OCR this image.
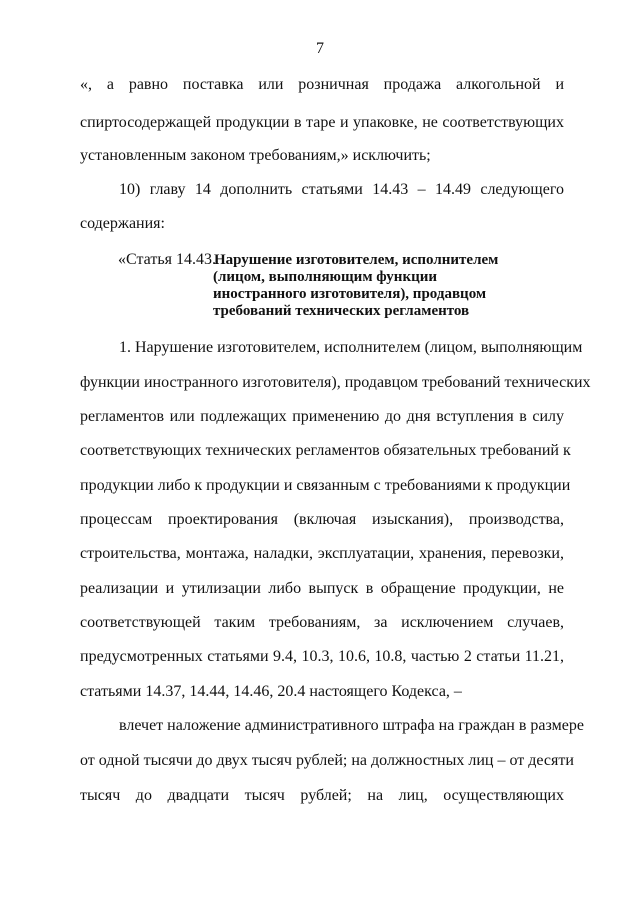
7
«, а равно поставка или розничная продажа алкогольной и
спиртосодержащей продукции в таре и упаковке, не соответствующих
установленным законом требованиям,» исключить;
10) главу 14 дополнить статьями 14.43 – 14.49 следующего
содержания:
«Статья 14.43.
Нарушение изготовителем, исполнителем
(лицом, выполняющим функции
иностранного изготовителя), продавцом
требований технических регламентов
1. Нарушение изготовителем, исполнителем (лицом, выполняющим
функции иностранного изготовителя), продавцом требований технических
регламентов или подлежащих применению до дня вступления в силу
соответствующих технических регламентов обязательных требований к
продукции либо к продукции и связанным с требованиями к продукции
процессам проектирования (включая изыскания), производства,
строительства, монтажа, наладки, эксплуатации, хранения, перевозки,
реализации и утилизации либо выпуск в обращение продукции, не
соответствующей таким требованиям, за исключением случаев,
предусмотренных статьями 9.4, 10.3, 10.6, 10.8, частью 2 статьи 11.21,
статьями 14.37, 14.44, 14.46, 20.4 настоящего Кодекса, –
влечет наложение административного штрафа на граждан в размере
от одной тысячи до двух тысяч рублей; на должностных лиц – от десяти
тысяч до двадцати тысяч рублей; на лиц, осуществляющих
